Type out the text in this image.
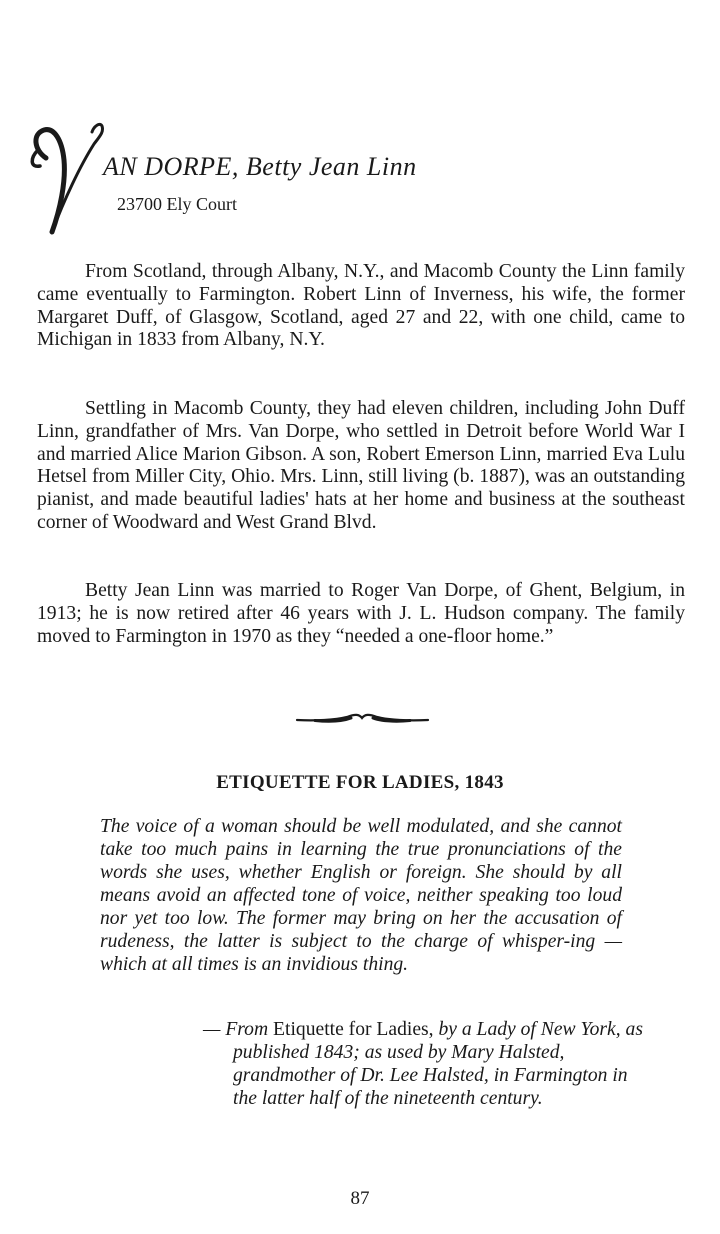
AN DORPE, Betty Jean Linn
23700 Ely Court

From Scotland, through Albany, N.Y., and Macomb County the Linn family came eventually to Farmington. Robert Linn of Inverness, his wife, the former Margaret Duff, of Glasgow, Scotland, aged 27 and 22, with one child, came to Michigan in 1833 from Albany, N.Y.

Settling in Macomb County, they had eleven children, including John Duff Linn, grandfather of Mrs. Van Dorpe, who settled in Detroit before World War I and married Alice Marion Gibson. A son, Robert Emerson Linn, married Eva Lulu Hetsel from Miller City, Ohio. Mrs. Linn, still living (b. 1887), was an outstanding pianist, and made beautiful ladies' hats at her home and business at the southeast corner of Woodward and West Grand Blvd.

Betty Jean Linn was married to Roger Van Dorpe, of Ghent, Belgium, in 1913; he is now retired after 46 years with J. L. Hudson company. The family moved to Farmington in 1970 as they “needed a one-floor home.”

ETIQUETTE FOR LADIES, 1843

The voice of a woman should be well modulated, and she cannot take too much pains in learning the true pronunciations of the words she uses, whether English or foreign. She should by all means avoid an affected tone of voice, neither speaking too loud nor yet too low. The former may bring on her the accusation of rudeness, the latter is subject to the charge of whisper-ing — which at all times is an invidious thing.

— From Etiquette for Ladies, by a Lady of New York, as published 1843; as used by Mary Halsted, grandmother of Dr. Lee Halsted, in Farmington in the latter half of the nineteenth century.

87
